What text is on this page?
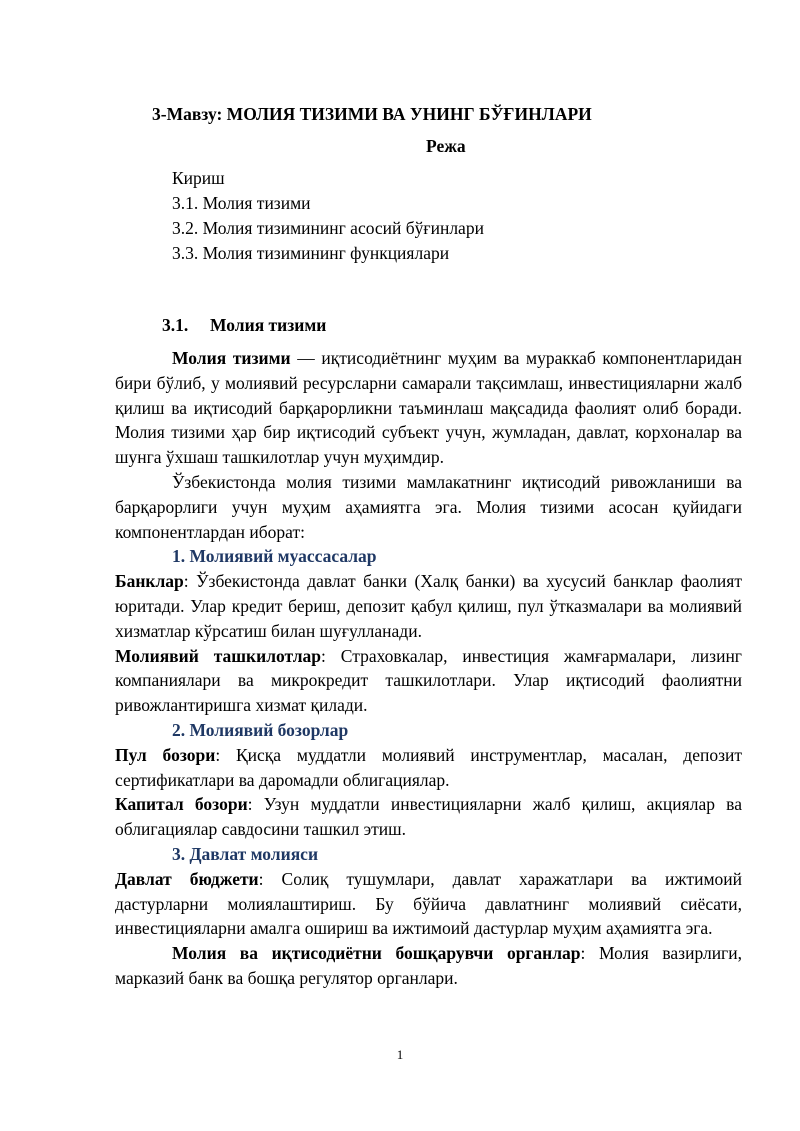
3-Мавзу: МОЛИЯ ТИЗИМИ ВА УНИНГ БЎҒИНЛАРИ
Режа
Кириш
3.1. Молия тизими
3.2. Молия тизимининг асосий бўғинлари
3.3. Молия тизимининг функциялари
3.1. Молия тизими

Молия тизими — иқтисодиётнинг муҳим ва мураккаб компонентларидан бири бўлиб, у молиявий ресурсларни самарали тақсимлаш, инвестицияларни жалб қилиш ва иқтисодий барқарорликни таъминлаш мақсадида фаолият олиб боради. Молия тизими ҳар бир иқтисодий субъект учун, жумладан, давлат, корхоналар ва шунга ўхшаш ташкилотлар учун муҳимдир.

Ўзбекистонда молия тизими мамлакатнинг иқтисодий ривожланиши ва барқарорлиги учун муҳим аҳамиятга эга. Молия тизими асосан қуйидаги компонентлардан иборат:

1. Молиявий муассасалар

Банклар: Ўзбекистонда давлат банки (Халқ банки) ва хусусий банклар фаолият юритади. Улар кредит бериш, депозит қабул қилиш, пул ўтказмалари ва молиявий хизматлар кўрсатиш билан шуғулланади.

Молиявий ташкилотлар: Страховкалар, инвестиция жамғармалари, лизинг компаниялари ва микрокредит ташкилотлари. Улар иқтисодий фаолиятни ривожлантиришга хизмат қилади.

2. Молиявий бозорлар

Пул бозори: Қисқа муддатли молиявий инструментлар, масалан, депозит сертификатлари ва даромадли облигациялар.

Капитал бозори: Узун муддатли инвестицияларни жалб қилиш, акциялар ва облигациялар савдосини ташкил этиш.

3. Давлат молияси

Давлат бюджети: Солиқ тушумлари, давлат харажатлари ва ижтимоий дастурларни молиялаштириш. Бу бўйича давлатнинг молиявий сиёсати, инвестицияларни амалга ошириш ва ижтимоий дастурлар муҳим аҳамиятга эга.

Молия ва иқтисодиётни бошқарувчи органлар: Молия вазирлиги, марказий банк ва бошқа регулятор органлари.

1
